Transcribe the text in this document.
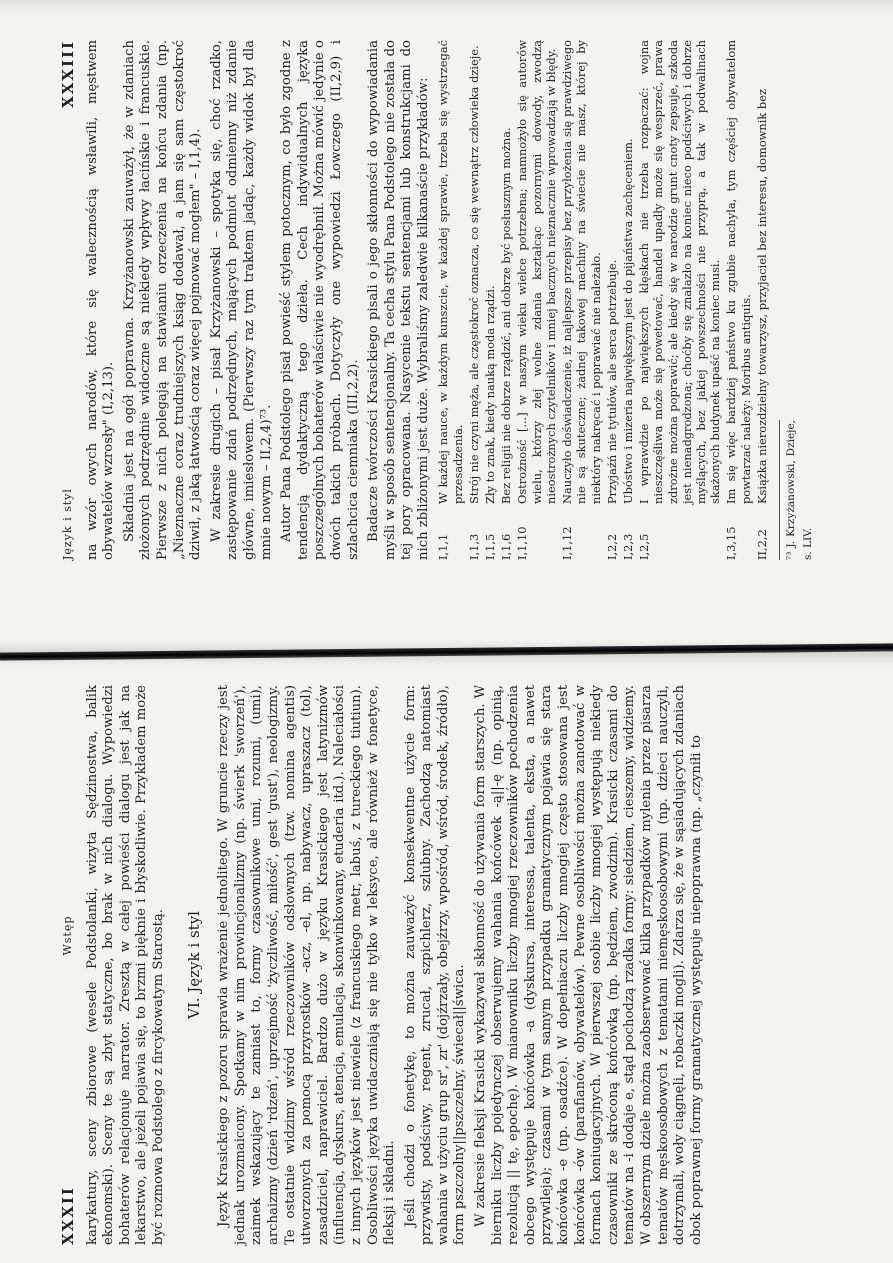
Język i styl
XXXIII na wzór owych narodów, które się walecznością wsławili, męstwem obywatelów wzrosły" (I,2,13). Składnia jest na ogół poprawna. Krzyżanowski zauważył, że w zdaniach złożonych podrzędnie widoczne są niekiedy wpływy łacińskie i francuskie. Pierwsze z nich polegają na stawianiu orzeczenia na końcu zdania (np. „Nieznaczne coraz trudniejszych ksiąg dodawał, a jam się sam częstokroć dziwił, z jaką łatwością coraz więcej pojmować mogłem" – I,1,4). W zakresie drugich – pisał Krzyżanowski – spotyka się, choć rzadko, zastępowanie zdań podrzędnych, mających podmiot odmienny niż zdanie główne, imiesłowem. (Pierwszy raz tym traktem jadąc, każdy widok był dla mnie nowym – II,2,4)⁷³. Autor Pana Podstolego pisał powieść stylem potocznym, co było zgodne z tendencją dydaktyczną tego dzieła. Cech indywidualnych języka poszczególnych bohaterów właściwie nie wyodrębnił. Można mówić jedynie o dwóch takich próbach. Dotyczyły one wypowiedzi Łowczego (II,2,9) i szlachcica ciemniaka (III,2,2). Badacze twórczości Krasickiego pisali o jego skłonności do wypowiadania myśli w sposób sentencjonalny. Ta cecha stylu Pana Podstolego nie została do tej pory opracowana. Nasycenie tekstu sentencjami lub konstrukcjami do nich zbliżonymi jest duże. Wybraliśmy zaledwie kilkanaście przykładów: I,1,1
W każdej nauce, w każdym kunszcie, w każdej sprawie, trzeba się wystrzegać przesadzenia.
I,1,3
Strój nie czyni męża, ale częstokroć oznacza, co się wewnątrz człowieka dzieje.
I,1,5
Zły to znak, kiedy nauką moda rządzi.
I,1,6
Bez religii nie dobrze rządzić, ani dobrze być posłusznym można.
I,1,10
Ostrożność [...] w naszym wieku wielce potrzebna; namnożyło się autorów wielu, którzy złej wolne zdania kształcąc pozornymi dowody, zwodzą nieostrożnych czytelników i mniej bacznych nieznacznie wprowadzają w błędy.
I,1,12
Nauczyło doświadczenie, iż najlepsze przepisy bez przyłożenia się prawdziwego nie są skuteczne; żadnej takowej machiny na świecie nie masz, której by niektóry nakręcać i poprawiać nie należało.
I,2,2
Przyjaźń nie tytułów, ale serca potrzebuje.
I,2,3
Ubóstwo i mizeria największym jest do pijaństwa zachęceniem.
I,2,5
I wprawdzie po największych klęskach nie trzeba rozpaczać: wojna nieszczęśliwa może się powetować, handel upadły może się wesprzeć, prawa zdrożne można poprawić; ale kiedy się w narodzie grunt cnoty zepsuje, szkoda jest nienadgrodzona; choćby się znalazło na koniec nieco podściwych i dobrze myślących, bez jakiej powszechności nie przyprą, a tak w podwalinach skażonych budynek upaść na koniec musi.
I,3,15
Im się więc bardziej państwo ku zgubie nachyla, tym częściej obywatelom powtarzać należy: Moribus antiquis.
II,2,2
Książka nierozdzielny towarzysz, przyjaciel bez interesu, domownik bez	⁷³ J. Krzyżanowski, Dzieje, s. LIV.
XXXII
Wstęp karykatury, sceny zbiorowe (wesele Podstolanki, wizyta Sędzinostwa, balik ekonomski). Sceny te są zbyt statyczne, bo brak w nich dialogu. Wypowiedzi bohaterów relacjonuje narrator. Zresztą w całej powieści dialogu jest jak na lekarstwo, ale jeżeli pojawia się, to brzmi pięknie i błyskotliwie. Przykładem może być rozmowa Podstolego z fircykowatym Starostą. VI. Język i styl Język Krasickiego z pozoru sprawia wrażenie jednolitego. W gruncie rzeczy jest jednak urozmaicony. Spotkamy w nim prowincjonalizmy (np. świerk 'sworzeń'), zaimek wskazujący te zamiast to, formy czasownikowe umi, rozumi, (umi), archaizmy (dzień 'rdzeń', uprzejmość 'życzliwość, miłość', gest 'gust'), neologizmy. Te ostatnie widzimy wśród rzeczowników odsłownych (tzw. nomina agentis) utworzonych za pomocą przyrostków -acz, -el, np. nabywacz, upraszacz (tol), zasadziciel, naprawiciel. Bardzo dużo w języku Krasickiego jest latynizmów (influencja, dyskurs, atencja, emulacja, skonwinkowany, etuderia itd.). Naleciałości z innych języków jest niewiele (z francuskiego metr, labuś, z tureckiego tiutiun). Osobliwości języka uwidaczniają się nie tylko w leksyce, ale również w fonetyce, fleksji i składni. Jeśli chodzi o fonetykę, to można zauważyć konsekwentne użycie form: przywisty, podściwy, regent, zrucał, szpichlerz, szlubny. Zachodzą natomiast wahania w użyciu grup sr', zr' (dojźrzały, obejźrzy, wpośród, wśród, środek, źródło), form pszczolny||pszczelny, świecał||świca. W zakresie fleksji Krasicki wykazywał skłonność do używania form starszych. W bierniku liczby pojedynczej obserwujemy wahania końcówek -ą||-ę (np. opinią, rezolucją || tę, epochę). W mianowniku liczby mnogiej rzeczowników pochodzenia obcego występuje końcówka -a (dyskursa, interessa, talenta, eksta, a nawet przywileja); czasami w tym samym przypadku gramatycznym pojawia się stara końcówka -e (np. osadźce). W dopełniaczu liczby mnogiej często stosowana jest końcówka -ów (parafianów, obywatelów). Pewne osobliwości można zanotować w formach koniugacyjnych. W pierwszej osobie liczby mnogiej występują niekiedy czasowniki ze skróconą końcówką (np. będziem, zwodzim). Krasicki czasami do tematów na -i dodaje e, stąd pochodzą rzadka formy: siedziem, cieszemy, widziemy. W obszernym dziele można zaobserwować kilka przypadków mylenia przez pisarza tematów męskoosobowych z tematami niemęskoosobowymi (np. dzieci nauczyli, dotrzymali, woły ciągnęli, robaczki mogli). Zdarza się, że w sąsiadujących zdaniach obok poprawnej formy gramatycznej występuje niepoprawna (np. „czyniłi to
